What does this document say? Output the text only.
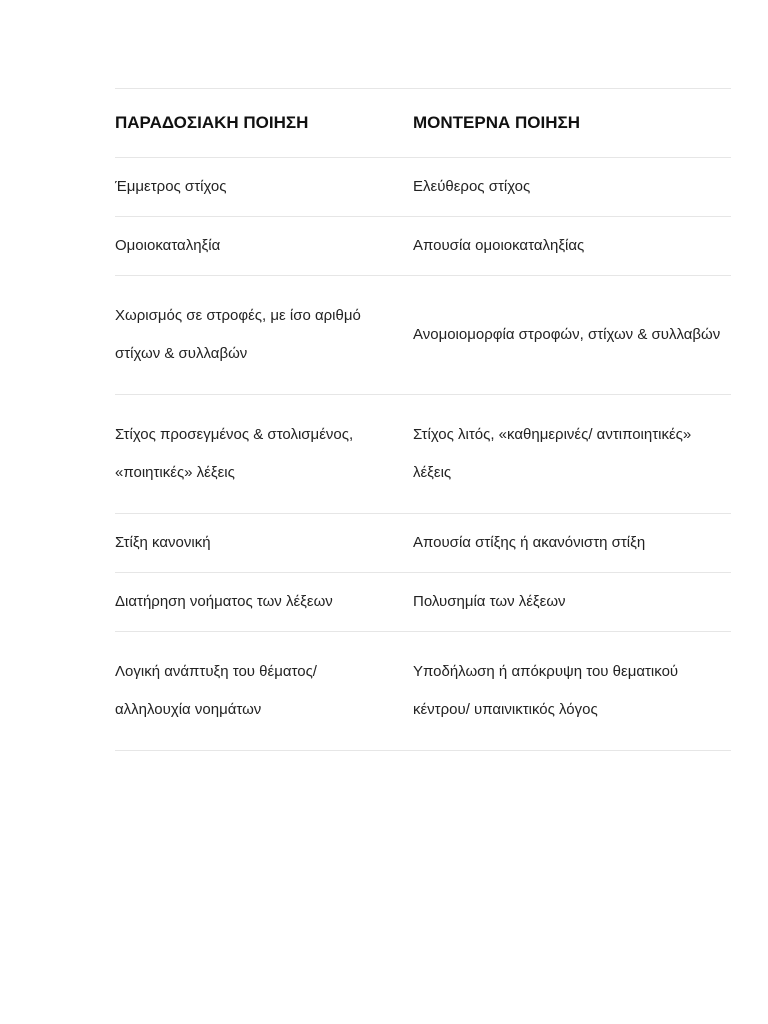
ΠΑΡΑΔΟΣΙΑΚΗ ΠΟΙΗΣΗ	ΜΟΝΤΕΡΝΑ ΠΟΙΗΣΗ
Έμμετρος στίχος	Ελεύθερος στίχος
Ομοιοκαταληξία	Απουσία ομοιοκαταληξίας
Χωρισμός σε στροφές, με ίσο αριθμό στίχων & συλλαβών	Ανομοιομορφία στροφών, στίχων & συλλαβών
Στίχος προσεγμένος & στολισμένος, «ποιητικές» λέξεις	Στίχος λιτός, «καθημερινές/ αντιποιητικές» λέξεις
Στίξη κανονική	Απουσία στίξης ή ακανόνιστη στίξη
Διατήρηση νοήματος των λέξεων	Πολυσημία των λέξεων
Λογική ανάπτυξη του θέματος/ αλληλουχία νοημάτων	Υποδήλωση ή απόκρυψη του θεματικού κέντρου/ υπαινικτικός λόγος
